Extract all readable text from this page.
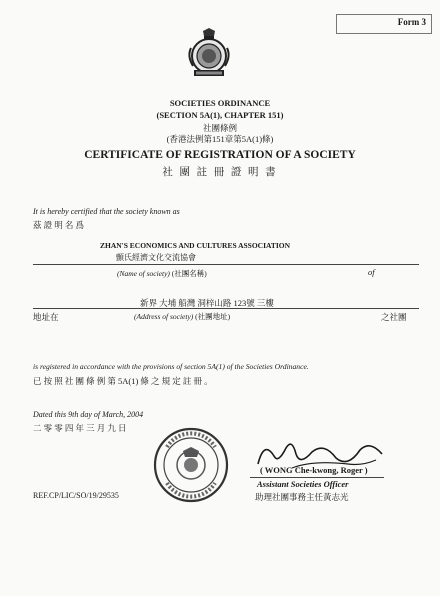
Form 3
SOCIETIES ORDINANCE
(SECTION 5A(1), CHAPTER 151)
社團條例
(香港法例第151章第5A(1)條)
CERTIFICATE OF REGISTRATION OF A SOCIETY
社 團 註 冊 證 明 書
It is hereby certified that the society known as
茲 證 明 名 爲
ZHAN'S ECONOMICS AND CULTURES ASSOCIATION
顫氏經濟文化交流協會
(Name of society) (社團名稱)	of
新界 大埔 船灣 洞梓山路 123號 三樓
地址在	(Address of society) (社團地址)	之社團
is registered in accordance with the provisions of section 5A(1) of the Societies Ordinance.
已 按 照 社 團 條 例 第 5A(1) 條 之 規 定 註 冊 。
Dated this 9th day of March, 2004
二 零 零 四 年 三 月 九 日
( WONG Che-kwong, Roger )
Assistant Societies Officer
助理社團事務主任黃志光
REF.CP/LIC/SO/19/29535
